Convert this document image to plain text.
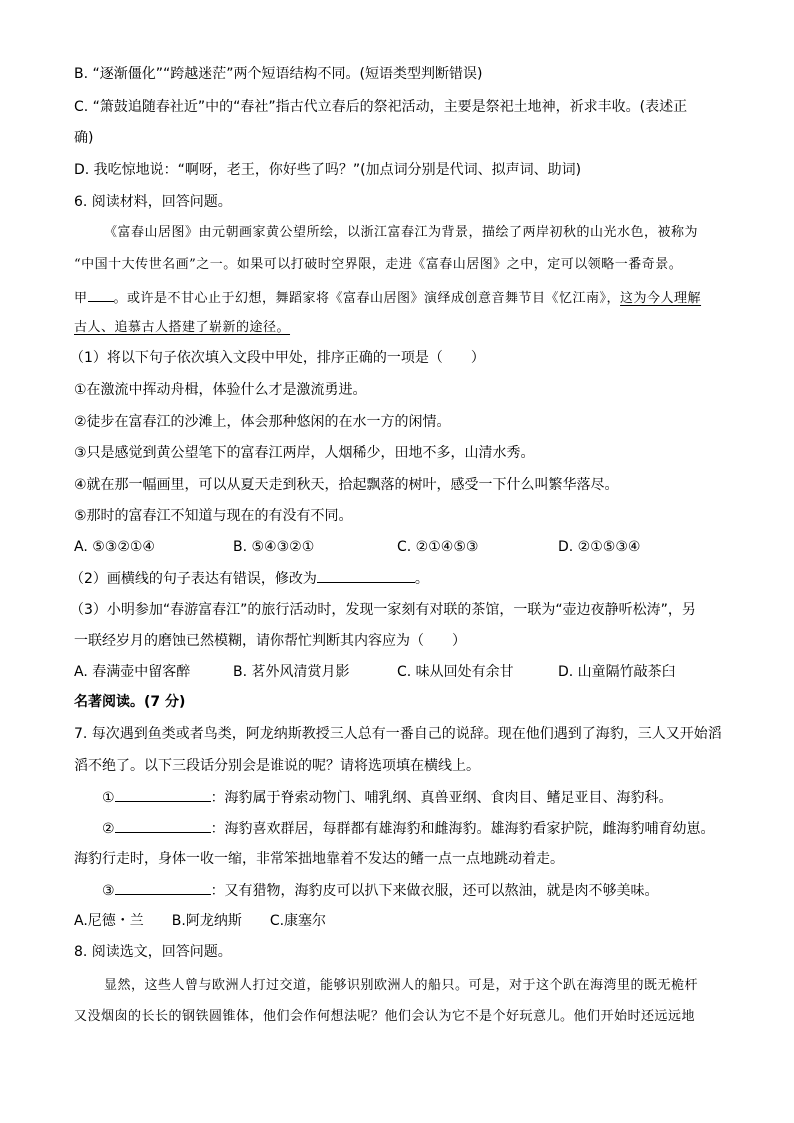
B. “逐渐僵化”“跨越迷茫”两个短语结构不同。(短语类型判断错误)
C. “箫鼓追随春社近”中的“春社”指古代立春后的祭祀活动，主要是祭祀土地神，祈求丰收。(表述正
确)
D. 我吃惊地说：“啊呀，老王，你好些了吗？”(加点词分别是代词、拟声词、助词)
6. 阅读材料，回答问题。
《富春山居图》由元朝画家黄公望所绘，以浙江富春江为背景，描绘了两岸初秋的山光水色，被称为
“中国十大传世名画”之一。如果可以打破时空界限，走进《富春山居图》之中，定可以领略一番奇景。
甲 。或许是不甘心止于幻想，舞蹈家将《富春山居图》演绎成创意音舞节目《忆江南》，这为今人理解
古人、追慕古人搭建了崭新的途径。
（1）将以下句子依次填入文段中甲处，排序正确的一项是（　　）
①在激流中挥动舟楫，体验什么才是激流勇进。
②徒步在富春江的沙滩上，体会那种悠闲的在水一方的闲情。
③只是感觉到黄公望笔下的富春江两岸，人烟稀少，田地不多，山清水秀。
④就在那一幅画里，可以从夏天走到秋天，拾起飘落的树叶，感受一下什么叫繁华落尽。
⑤那时的富春江不知道与现在的有没有不同。
A. ⑤③②①④	B. ⑤④③②①	C. ②①④⑤③	D. ②①⑤③④
（2）画横线的句子表达有错误，修改为	。
（3）小明参加“春游富春江”的旅行活动时，发现一家刻有对联的茶馆，一联为“壶边夜静听松涛”，另
一联经岁月的磨蚀已然模糊，请你帮忙判断其内容应为（　　）
A. 春满壶中留客醉	B. 茗外风清赏月影	C. 味从回处有余甘	D. 山童隔竹敲茶臼
名著阅读。(7 分)
7. 每次遇到鱼类或者鸟类，阿龙纳斯教授三人总有一番自己的说辞。现在他们遇到了海豹，三人又开始滔
滔不绝了。以下三段话分别会是谁说的呢？请将选项填在横线上。
①	：海豹属于脊索动物门、哺乳纲、真兽亚纲、食肉目、鳍足亚目、海豹科。
②	：海豹喜欢群居，每群都有雄海豹和雌海豹。雄海豹看家护院，雌海豹哺育幼崽。
海豹行走时，身体一收一缩，非常笨拙地靠着不发达的鳍一点一点地跳动着走。
③	：又有猎物，海豹皮可以扒下来做衣服，还可以熬油，就是肉不够美味。
A.尼德・兰　　B.阿龙纳斯　　C.康塞尔
8. 阅读选文，回答问题。
显然，这些人曾与欧洲人打过交道，能够识别欧洲人的船只。可是，对于这个趴在海湾里的既无桅杆
又没烟囱的长长的钢铁圆锥体，他们会作何想法呢？他们会认为它不是个好玩意儿。他们开始时还远远地
